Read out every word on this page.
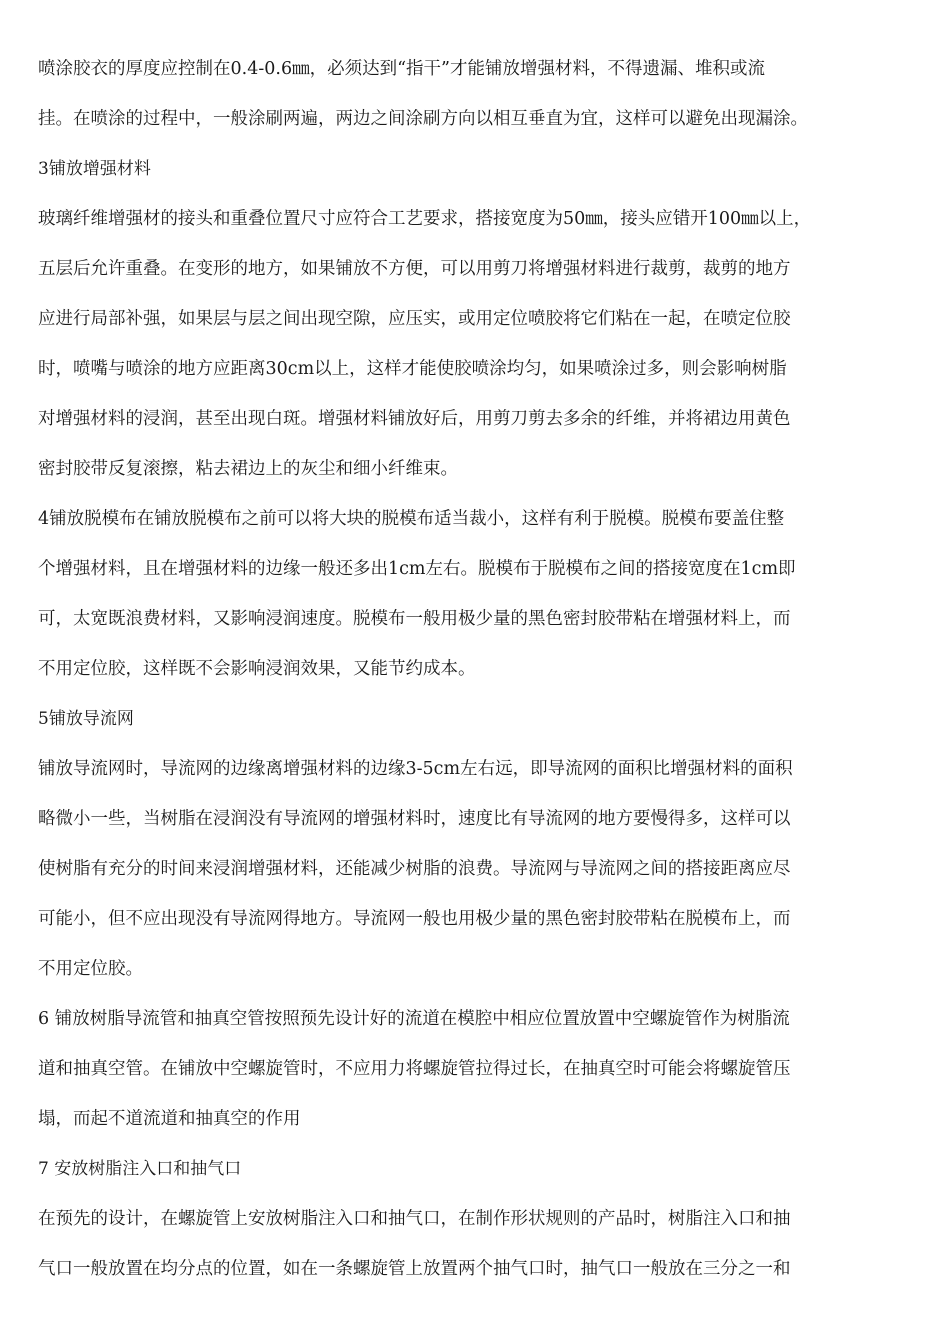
喷涂胶衣的厚度应控制在0.4-0.6㎜，必须达到“指干”才能铺放增强材料，不得遗漏、堆积或流
挂。在喷涂的过程中，一般涂刷两遍，两边之间涂刷方向以相互垂直为宜，这样可以避免出现漏涂。
3铺放增强材料
玻璃纤维增强材的接头和重叠位置尺寸应符合工艺要求，搭接宽度为50㎜，接头应错开100㎜以上，
五层后允许重叠。在变形的地方，如果铺放不方便，可以用剪刀将增强材料进行裁剪，裁剪的地方
应进行局部补强，如果层与层之间出现空隙，应压实，或用定位喷胶将它们粘在一起，在喷定位胶
时，喷嘴与喷涂的地方应距离30cm以上，这样才能使胶喷涂均匀，如果喷涂过多，则会影响树脂
对增强材料的浸润，甚至出现白斑。增强材料铺放好后，用剪刀剪去多余的纤维，并将裙边用黄色
密封胶带反复滚擦，粘去裙边上的灰尘和细小纤维束。
4铺放脱模布在铺放脱模布之前可以将大块的脱模布适当裁小，这样有利于脱模。脱模布要盖住整
个增强材料，且在增强材料的边缘一般还多出1cm左右。脱模布于脱模布之间的搭接宽度在1cm即
可，太宽既浪费材料，又影响浸润速度。脱模布一般用极少量的黑色密封胶带粘在增强材料上，而
不用定位胶，这样既不会影响浸润效果，又能节约成本。
5铺放导流网
铺放导流网时，导流网的边缘离增强材料的边缘3-5cm左右远，即导流网的面积比增强材料的面积
略微小一些，当树脂在浸润没有导流网的增强材料时，速度比有导流网的地方要慢得多，这样可以
使树脂有充分的时间来浸润增强材料，还能减少树脂的浪费。导流网与导流网之间的搭接距离应尽
可能小，但不应出现没有导流网得地方。导流网一般也用极少量的黑色密封胶带粘在脱模布上，而
不用定位胶。
6 铺放树脂导流管和抽真空管按照预先设计好的流道在模腔中相应位置放置中空螺旋管作为树脂流
道和抽真空管。在铺放中空螺旋管时，不应用力将螺旋管拉得过长，在抽真空时可能会将螺旋管压
塌，而起不道流道和抽真空的作用
7 安放树脂注入口和抽气口
在预先的设计，在螺旋管上安放树脂注入口和抽气口，在制作形状规则的产品时，树脂注入口和抽
气口一般放置在均分点的位置，如在一条螺旋管上放置两个抽气口时，抽气口一般放在三分之一和
